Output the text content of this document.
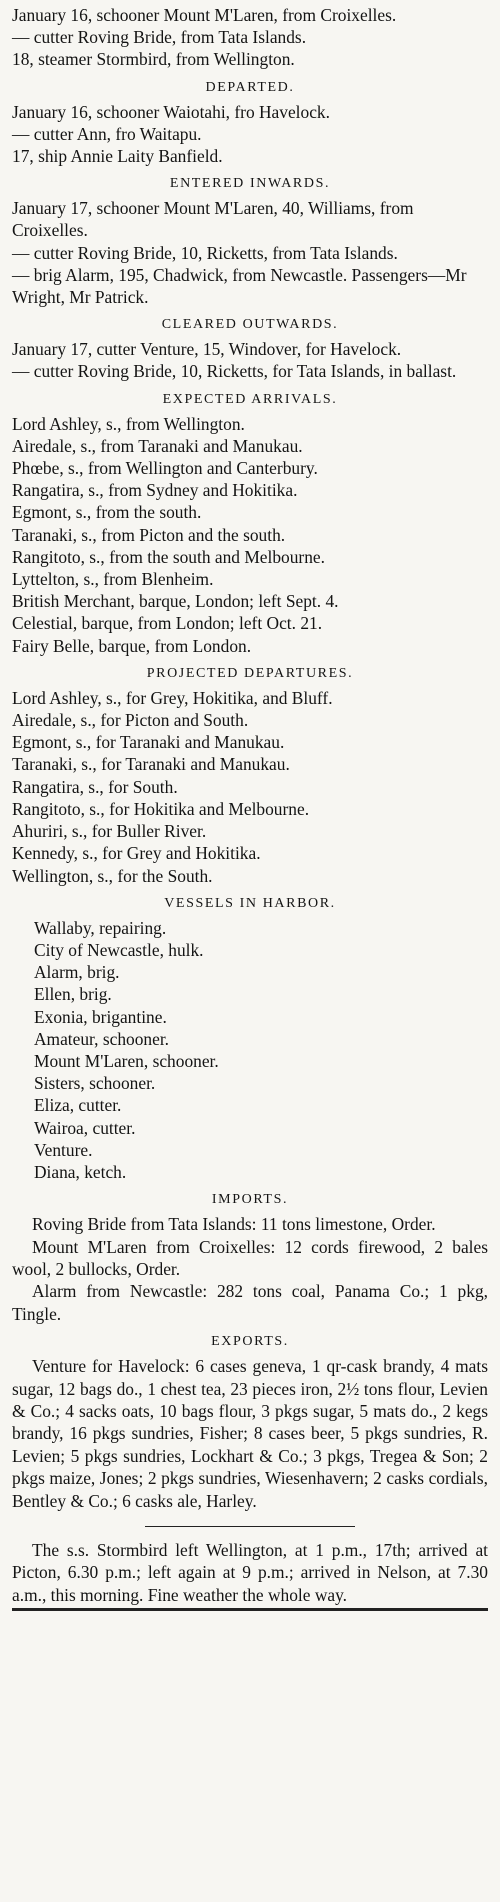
January 16, schooner Mount M'Laren, from Croixelles.

— cutter Roving Bride, from Tata Islands.

18, steamer Stormbird, from Wellington.

DEPARTED.

January 16, schooner Waiotahi, fro Havelock.

— cutter Ann, fro Waitapu.

17, ship Annie Laity Banfield.

ENTERED INWARDS.

January 17, schooner Mount M'Laren, 40, Williams, from Croixelles.

— cutter Roving Bride, 10, Ricketts, from Tata Islands.

— brig Alarm, 195, Chadwick, from Newcastle. Passengers—Mr Wright, Mr Patrick.

CLEARED OUTWARDS.

January 17, cutter Venture, 15, Windover, for Havelock.

— cutter Roving Bride, 10, Ricketts, for Tata Islands, in ballast.

EXPECTED ARRIVALS.

Lord Ashley, s., from Wellington.

Airedale, s., from Taranaki and Manukau.

Phœbe, s., from Wellington and Canterbury.

Rangatira, s., from Sydney and Hokitika.

Egmont, s., from the south.

Taranaki, s., from Picton and the south.

Rangitoto, s., from the south and Melbourne.

Lyttelton, s., from Blenheim.

British Merchant, barque, London; left Sept. 4.

Celestial, barque, from London; left Oct. 21.

Fairy Belle, barque, from London.

PROJECTED DEPARTURES.

Lord Ashley, s., for Grey, Hokitika, and Bluff.

Airedale, s., for Picton and South.

Egmont, s., for Taranaki and Manukau.

Taranaki, s., for Taranaki and Manukau.

Rangatira, s., for South.

Rangitoto, s., for Hokitika and Melbourne.

Ahuriri, s., for Buller River.

Kennedy, s., for Grey and Hokitika.

Wellington, s., for the South.

VESSELS IN HARBOR.

Wallaby, repairing.

City of Newcastle, hulk.

Alarm, brig.

Ellen, brig.

Exonia, brigantine.

Amateur, schooner.

Mount M'Laren, schooner.

Sisters, schooner.

Eliza, cutter.

Wairoa, cutter.

Venture.

Diana, ketch.

IMPORTS.

Roving Bride from Tata Islands: 11 tons limestone, Order.

Mount M'Laren from Croixelles: 12 cords firewood, 2 bales wool, 2 bullocks, Order.

Alarm from Newcastle: 282 tons coal, Panama Co.; 1 pkg, Tingle.

EXPORTS.

Venture for Havelock: 6 cases geneva, 1 qr-cask brandy, 4 mats sugar, 12 bags do., 1 chest tea, 23 pieces iron, 2½ tons flour, Levien & Co.; 4 sacks oats, 10 bags flour, 3 pkgs sugar, 5 mats do., 2 kegs brandy, 16 pkgs sundries, Fisher; 8 cases beer, 5 pkgs sundries, R. Levien; 5 pkgs sundries, Lockhart & Co.; 3 pkgs, Tregea & Son; 2 pkgs maize, Jones; 2 pkgs sundries, Wiesenhavern; 2 casks cordials, Bentley & Co.; 6 casks ale, Harley.

The s.s. Stormbird left Wellington, at 1 p.m., 17th; arrived at Picton, 6.30 p.m.; left again at 9 p.m.; arrived in Nelson, at 7.30 a.m., this morning. Fine weather the whole way.
